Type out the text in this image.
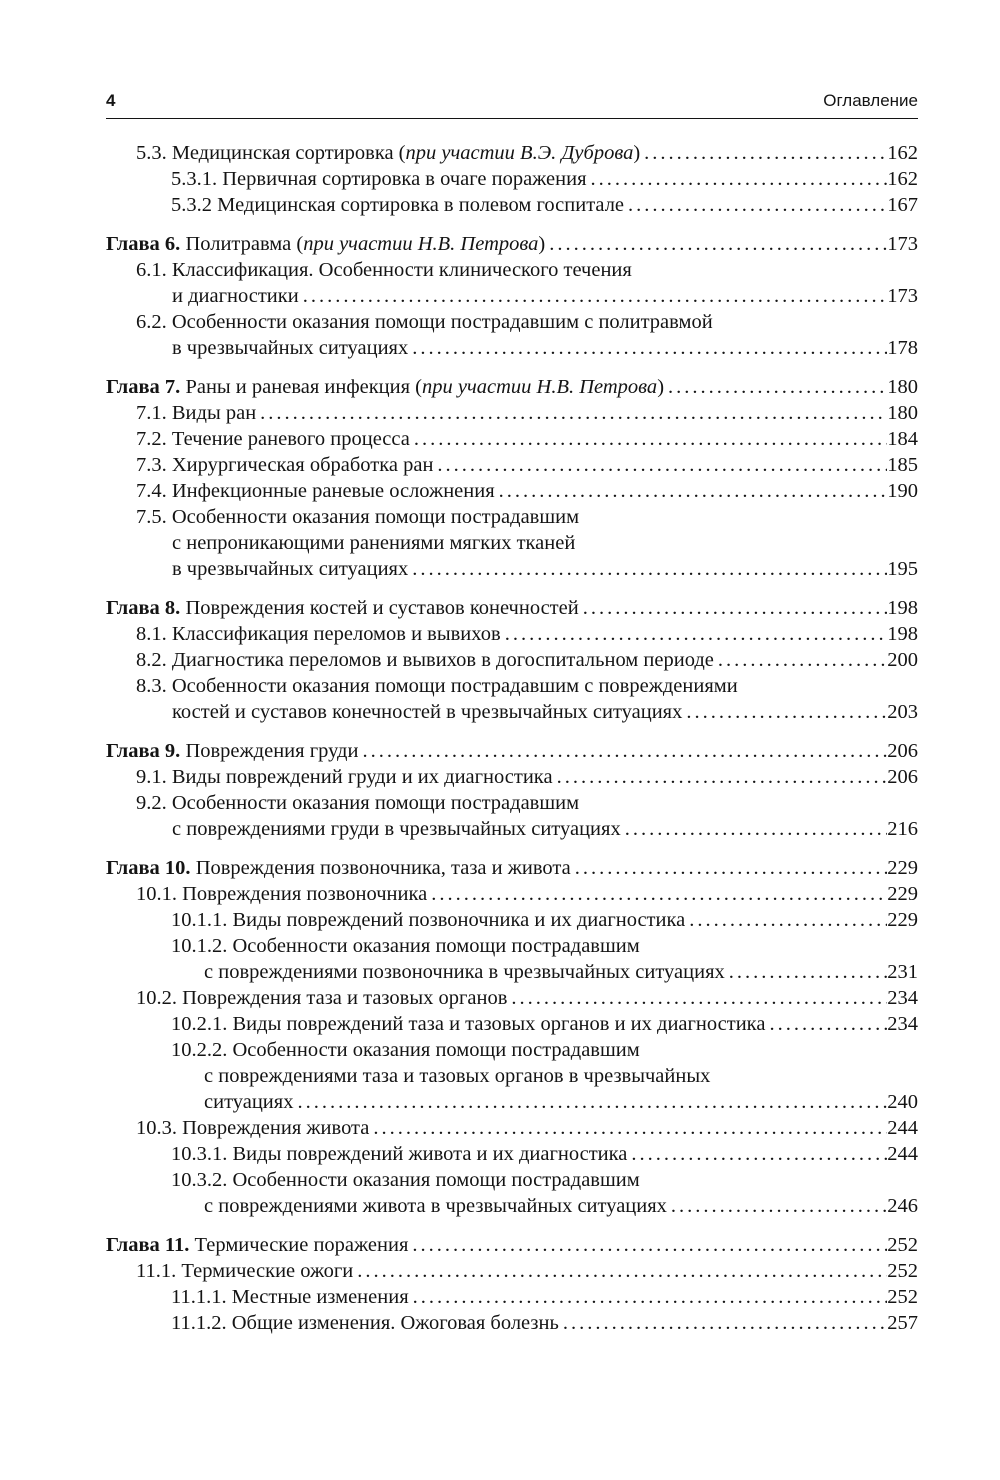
4	Оглавление
5.3. Медицинская сортировка (при участии В.Э. Дуброва) .....	162
5.3.1. Первичная сортировка в очаге поражения .....	162
5.3.2 Медицинская сортировка в полевом госпитале .....	167
Глава 6. Политравма (при участии Н.В. Петрова) .....	173
6.1. Классификация. Особенности клинического течения
и диагностики .....	173
6.2. Особенности оказания помощи пострадавшим с политравмой
в чрезвычайных ситуациях .....	178
Глава 7. Раны и раневая инфекция (при участии Н.В. Петрова) .....	180
7.1. Виды ран .....	180
7.2. Течение раневого процесса .....	184
7.3. Хирургическая обработка ран .....	185
7.4. Инфекционные раневые осложнения .....	190
7.5. Особенности оказания помощи пострадавшим
с непроникающими ранениями мягких тканей
в чрезвычайных ситуациях .....	195
Глава 8. Повреждения костей и суставов конечностей .....	198
8.1. Классификация переломов и вывихов .....	198
8.2. Диагностика переломов и вывихов в догоспитальном периоде .....	200
8.3. Особенности оказания помощи пострадавшим с повреждениями
костей и суставов конечностей в чрезвычайных ситуациях .....	203
Глава 9. Повреждения груди .....	206
9.1. Виды повреждений груди и их диагностика .....	206
9.2. Особенности оказания помощи пострадавшим
с повреждениями груди в чрезвычайных ситуациях .....	216
Глава 10. Повреждения позвоночника, таза и живота .....	229
10.1. Повреждения позвоночника .....	229
10.1.1. Виды повреждений позвоночника и их диагностика .....	229
10.1.2. Особенности оказания помощи пострадавшим
с повреждениями позвоночника в чрезвычайных ситуациях .....	231
10.2. Повреждения таза и тазовых органов .....	234
10.2.1. Виды повреждений таза и тазовых органов и их диагностика .....	234
10.2.2. Особенности оказания помощи пострадавшим
с повреждениями таза и тазовых органов в чрезвычайных
ситуациях .....	240
10.3. Повреждения живота .....	244
10.3.1. Виды повреждений живота и их диагностика .....	244
10.3.2. Особенности оказания помощи пострадавшим
с повреждениями живота в чрезвычайных ситуациях .....	246
Глава 11. Термические поражения .....	252
11.1. Термические ожоги .....	252
11.1.1. Местные изменения .....	252
11.1.2. Общие изменения. Ожоговая болезнь .....	257
